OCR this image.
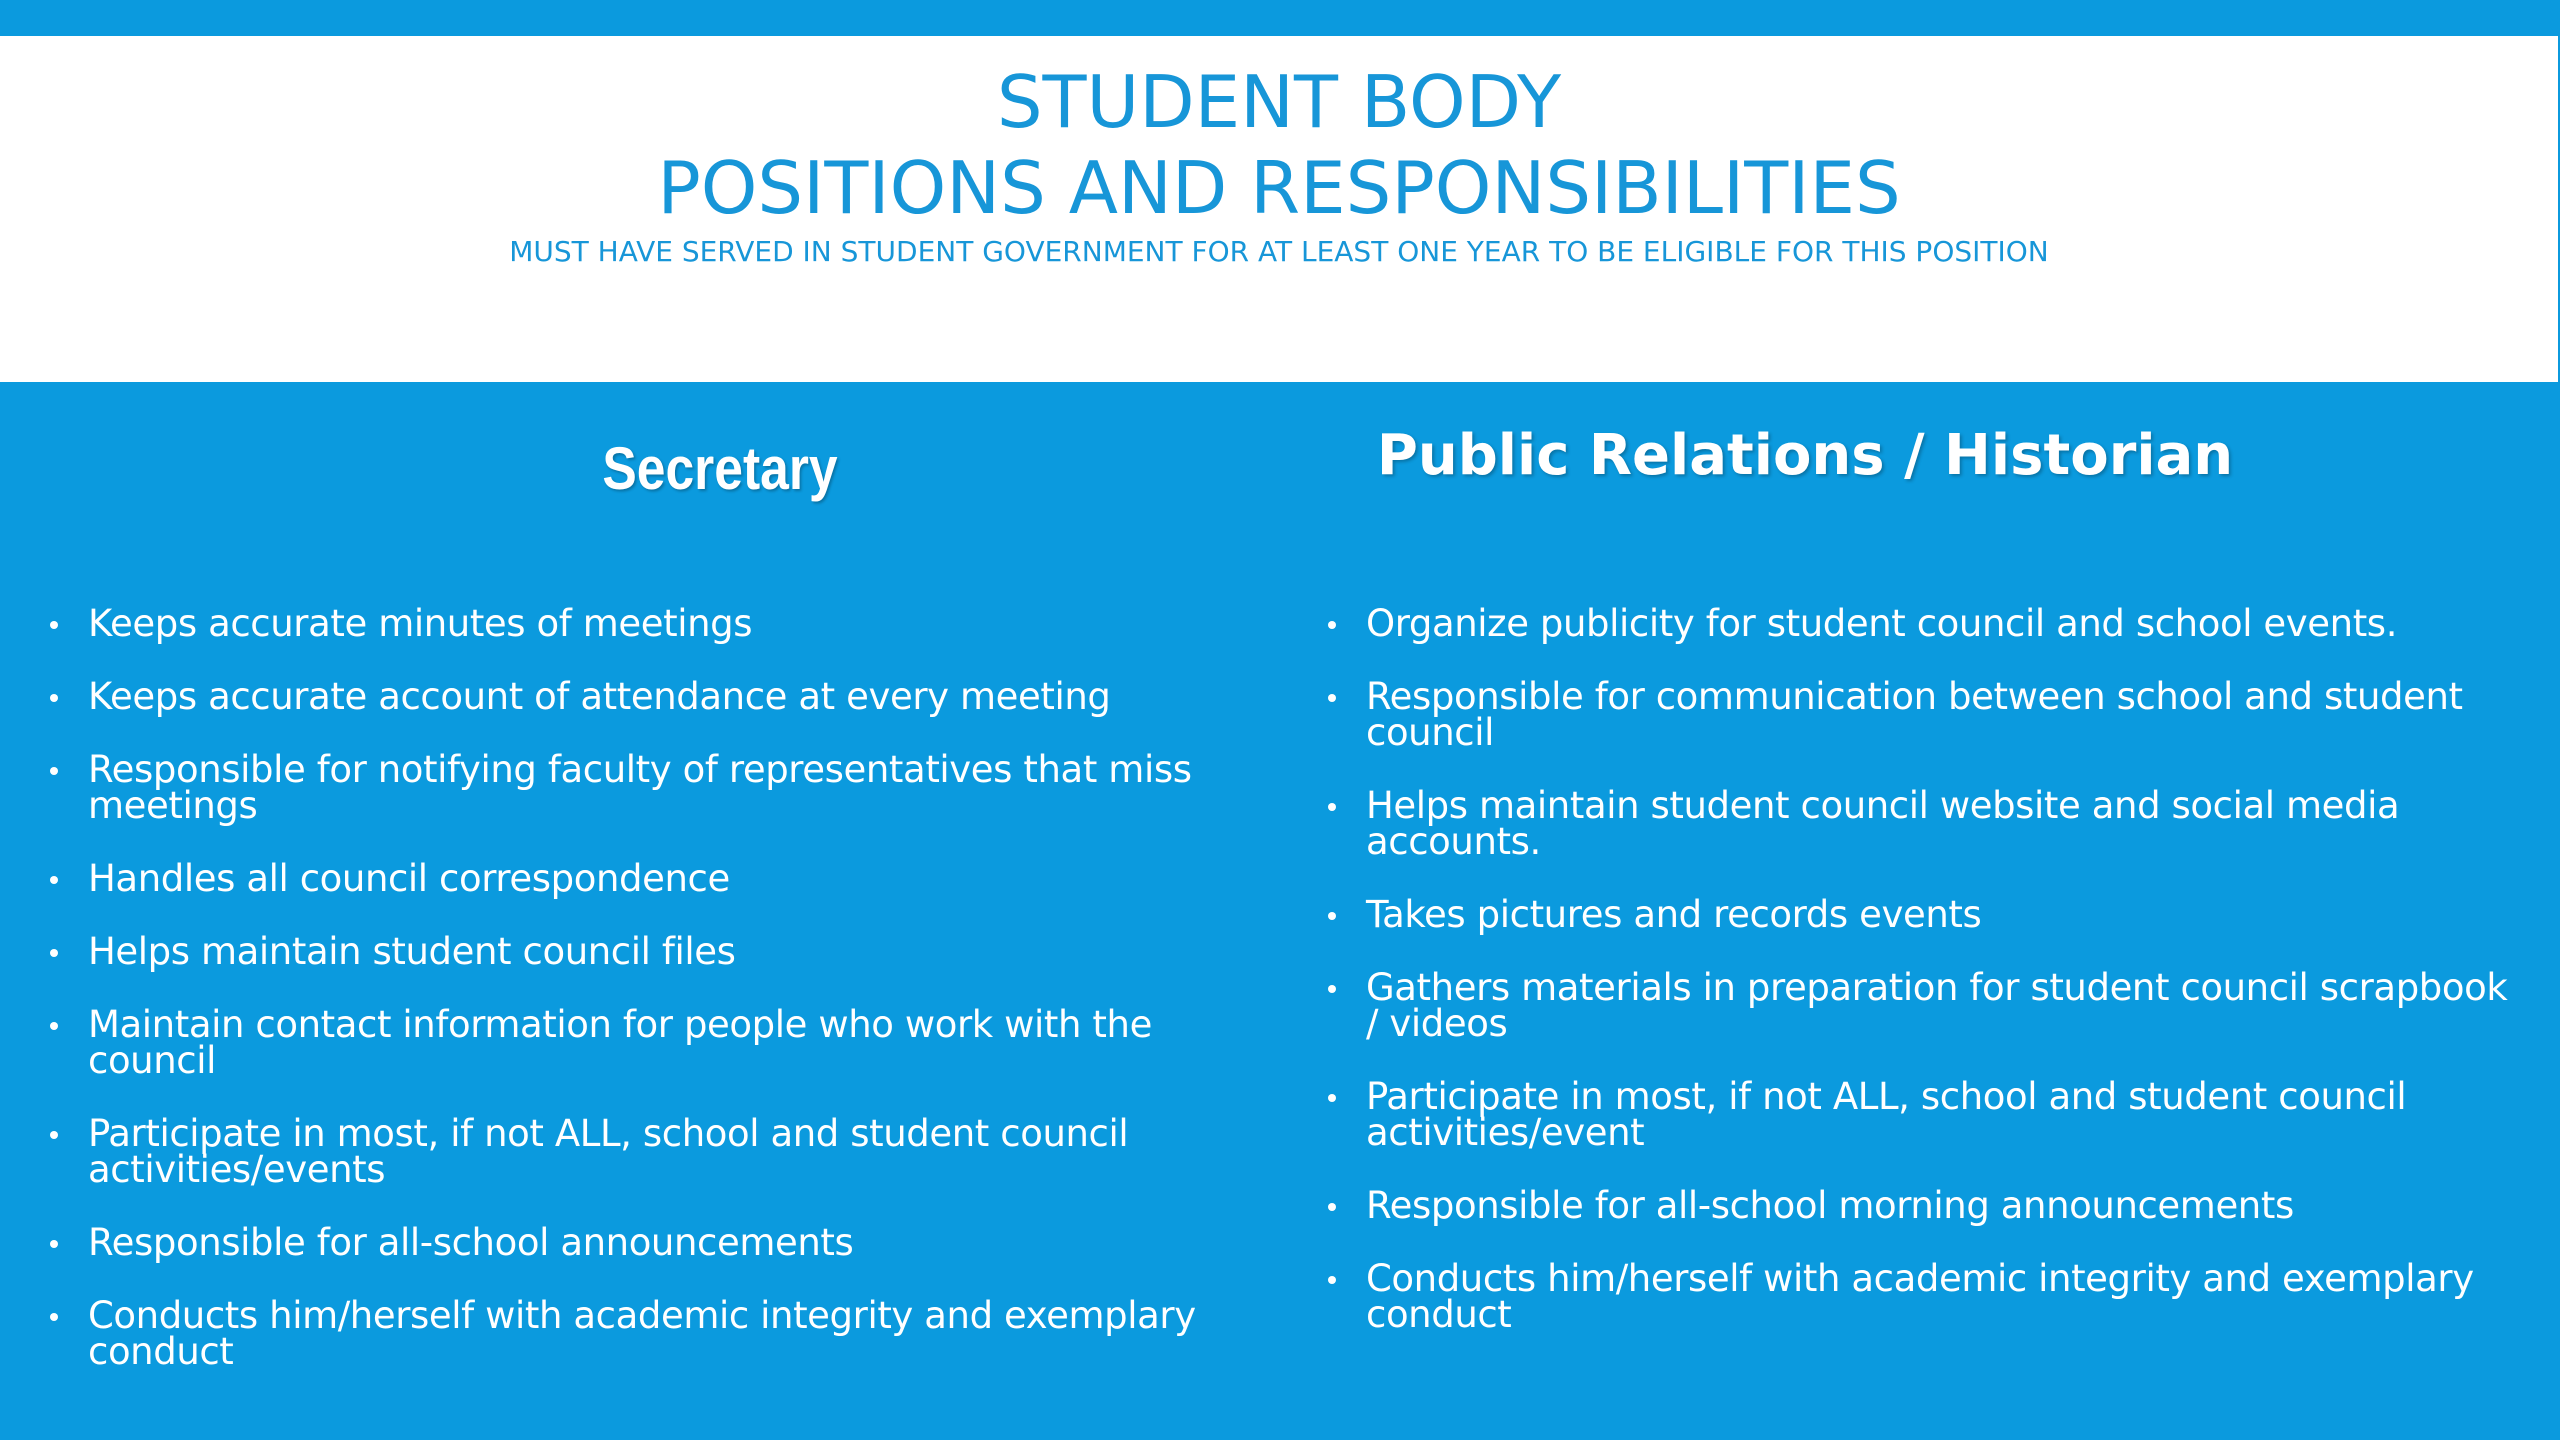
STUDENT BODY
POSITIONS AND RESPONSIBILITIES
MUST HAVE SERVED IN STUDENT GOVERNMENT FOR AT LEAST ONE YEAR TO BE ELIGIBLE FOR THIS POSITION
Secretary	Public Relations / Historian
Keeps accurate minutes of meetings
Keeps accurate account of attendance at every meeting
Responsible for notifying faculty of representatives that miss meetings
Handles all council correspondence
Helps maintain student council files
Maintain contact information for people who work with the council
Participate in most, if not ALL, school and student council activities/events
Responsible for all-school announcements
Conducts him/herself with academic integrity and exemplary conduct
Organize publicity for student council and school events.
Responsible for communication between school and student council
Helps maintain student council website and social media accounts.
Takes pictures and records events
Gathers materials in preparation for student council scrapbook / videos
Participate in most, if not ALL, school and student council activities/event
Responsible for all-school morning announcements
Conducts him/herself with academic integrity and exemplary conduct
